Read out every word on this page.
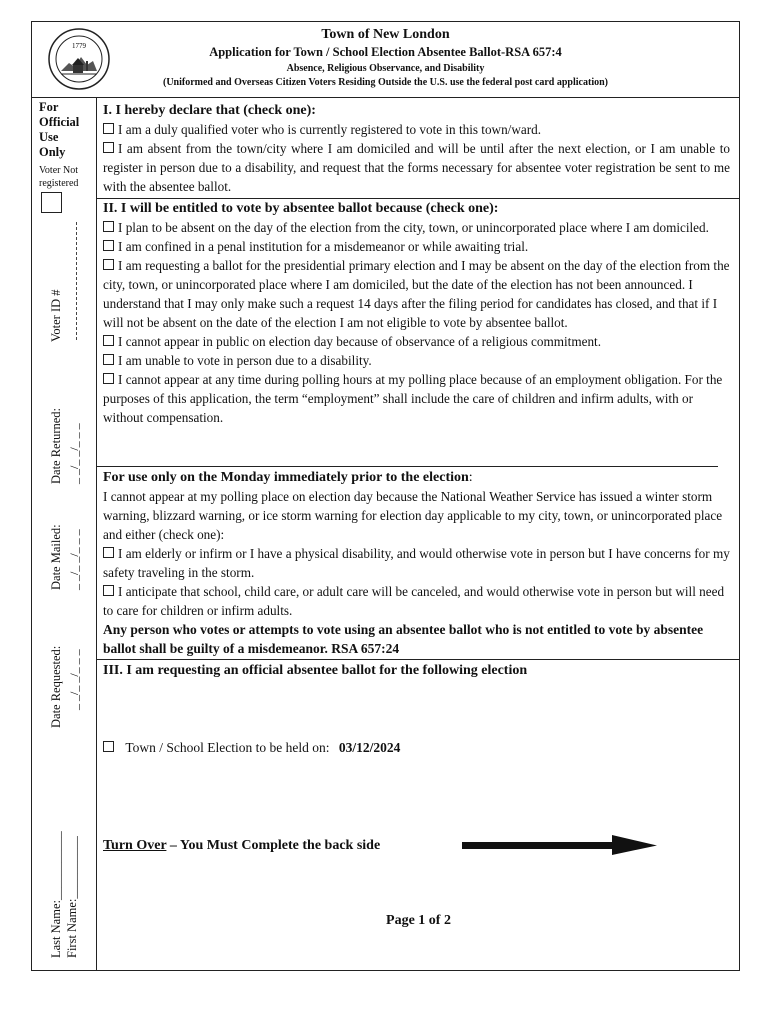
1779
Town of New London
Application for Town / School Election Absentee Ballot-RSA 657:4
Absence, Religious Observance, and Disability
(Uniformed and Overseas Citizen Voters Residing Outside the U.S. use the federal post card application)
For
Official
Use
Only
Voter Not
registered
Voter ID #
Date Returned: _ _/_ _/_ _ _
Date Mailed: _ _/_ _/_ _ _
Date Requested: _ _/_ _/_ _ _
Last Name:___________ First Name:__________

I. I hereby declare that (check one):

I am a duly qualified voter who is currently registered to vote in this town/ward.

I am absent from the town/city where I am domiciled and will be until after the next election, or I am unable to register in person due to a disability, and request that the forms necessary for absentee voter registration be sent to me with the absentee ballot.

II. I will be entitled to vote by absentee ballot because (check one):

I plan to be absent on the day of the election from the city, town, or unincorporated place where I am domiciled.

I am confined in a penal institution for a misdemeanor or while awaiting trial.

I am requesting a ballot for the presidential primary election and I may be absent on the day of the election from the city, town, or unincorporated place where I am domiciled, but the date of the election has not been announced. I understand that I may only make such a request 14 days after the filing period for candidates has closed, and that if I will not be absent on the date of the election I am not eligible to vote by absentee ballot.

I cannot appear in public on election day because of observance of a religious commitment.

I am unable to vote in person due to a disability.

I cannot appear at any time during polling hours at my polling place because of an employment obligation. For the purposes of this application, the term “employment” shall include the care of children and infirm adults, with or without compensation.

For use only on the Monday immediately prior to the election:

I cannot appear at my polling place on election day because the National Weather Service has issued a winter storm warning, blizzard warning, or ice storm warning for election day applicable to my city, town, or unincorporated place and either (check one):

I am elderly or infirm or I have a physical disability, and would otherwise vote in person but I have concerns for my safety traveling in the storm.

I anticipate that school, child care, or adult care will be canceled, and would otherwise vote in person but will need to care for children or infirm adults.

Any person who votes or attempts to vote using an absentee ballot who is not entitled to vote by absentee ballot shall be guilty of a misdemeanor. RSA 657:24

III. I am requesting an official absentee ballot for the following election

Town / School Election to be held on: 03/12/2024
Turn Over – You Must Complete the back side
Page 1 of 2
